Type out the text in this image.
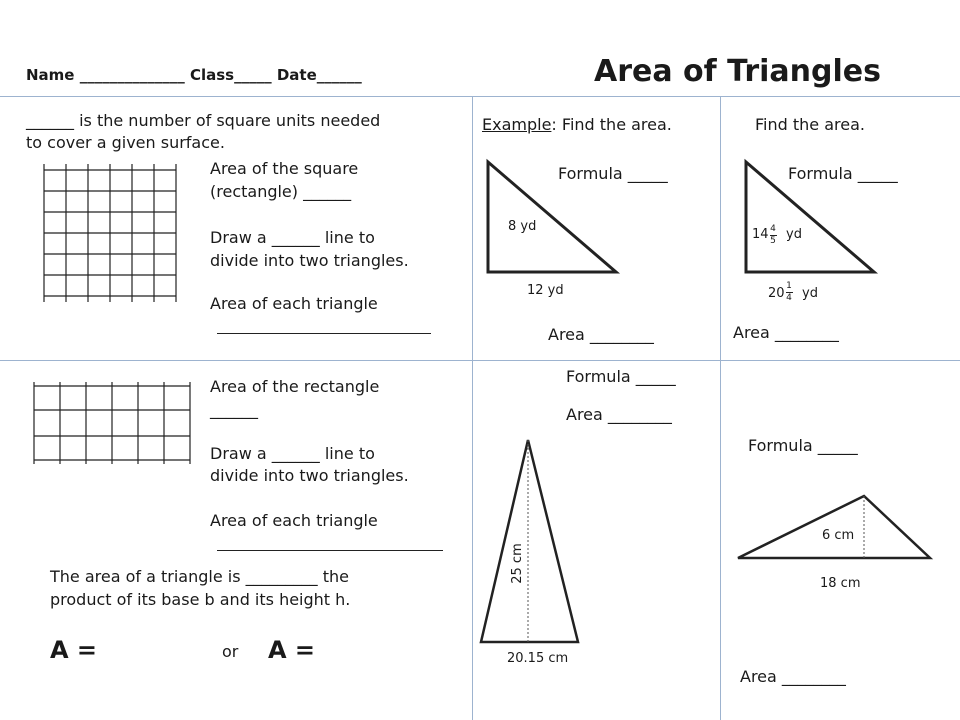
Name ______________ Class_____ Date______	Area of Triangles
______ is the number of square units needed
to cover a given surface.
Area of the square
(rectangle) ______
Draw a ______ line to
divide into two triangles.
Area of each triangle
Area of the rectangle
______
Draw a ______ line to
divide into two triangles.
Area of each triangle
The area of a triangle is _________ the
product of its base b and its height h.
A =	or A =
Example: Find the area.
Formula _____
8 yd
12 yd
Area ________
Find the area.
Formula _____
14 4
5 yd
20 1
4 yd
Area ________
Formula _____
Area ________
25 cm
20.15 cm
Formula _____
6 cm
18 cm
Area ________
